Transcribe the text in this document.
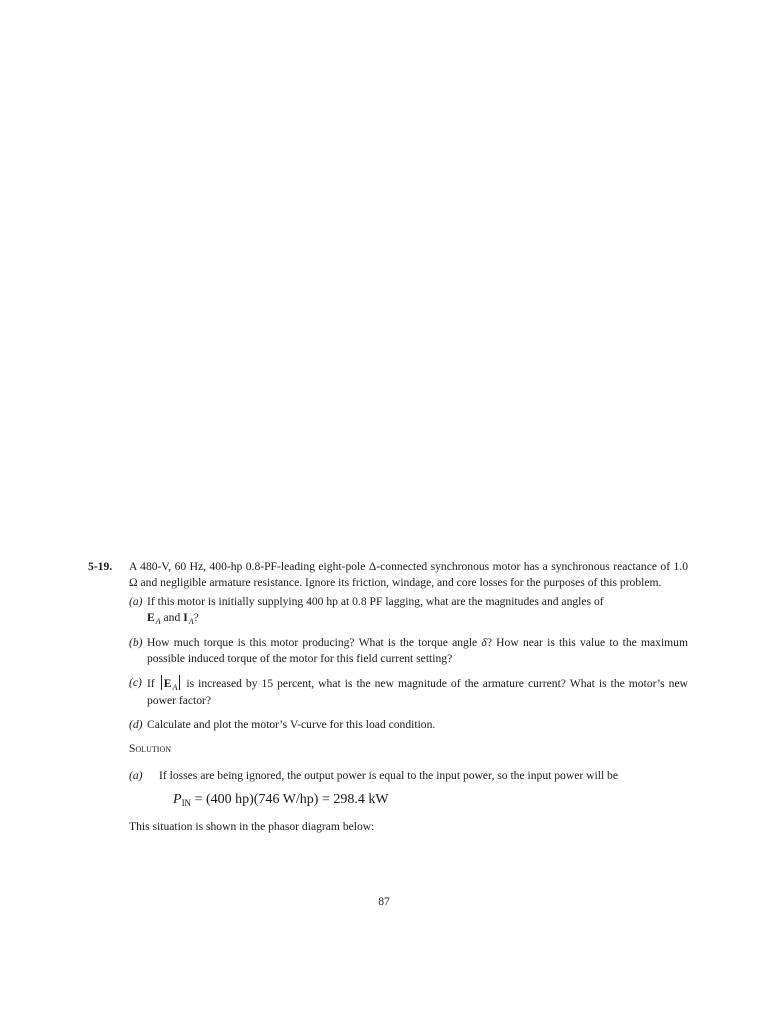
5-19. A 480-V, 60 Hz, 400-hp 0.8-PF-leading eight-pole Δ-connected synchronous motor has a synchronous reactance of 1.0 Ω and negligible armature resistance. Ignore its friction, windage, and core losses for the purposes of this problem.
(a) If this motor is initially supplying 400 hp at 0.8 PF lagging, what are the magnitudes and angles of
$E_A$ and $I_A$?
(b) How much torque is this motor producing? What is the torque angle δ? How near is this value to the maximum possible induced torque of the motor for this field current setting?
(c) If $E_A$ is increased by 15 percent, what is the new magnitude of the armature current? What is the motor’s new power factor?
(d) Calculate and plot the motor’s V-curve for this load condition.
Solution
(a) If losses are being ignored, the output power is equal to the input power, so the input power will be
$P_{IN} = (400$ hp)(746 W/hp) = 298.4 kW
This situation is shown in the phasor diagram below:
87
